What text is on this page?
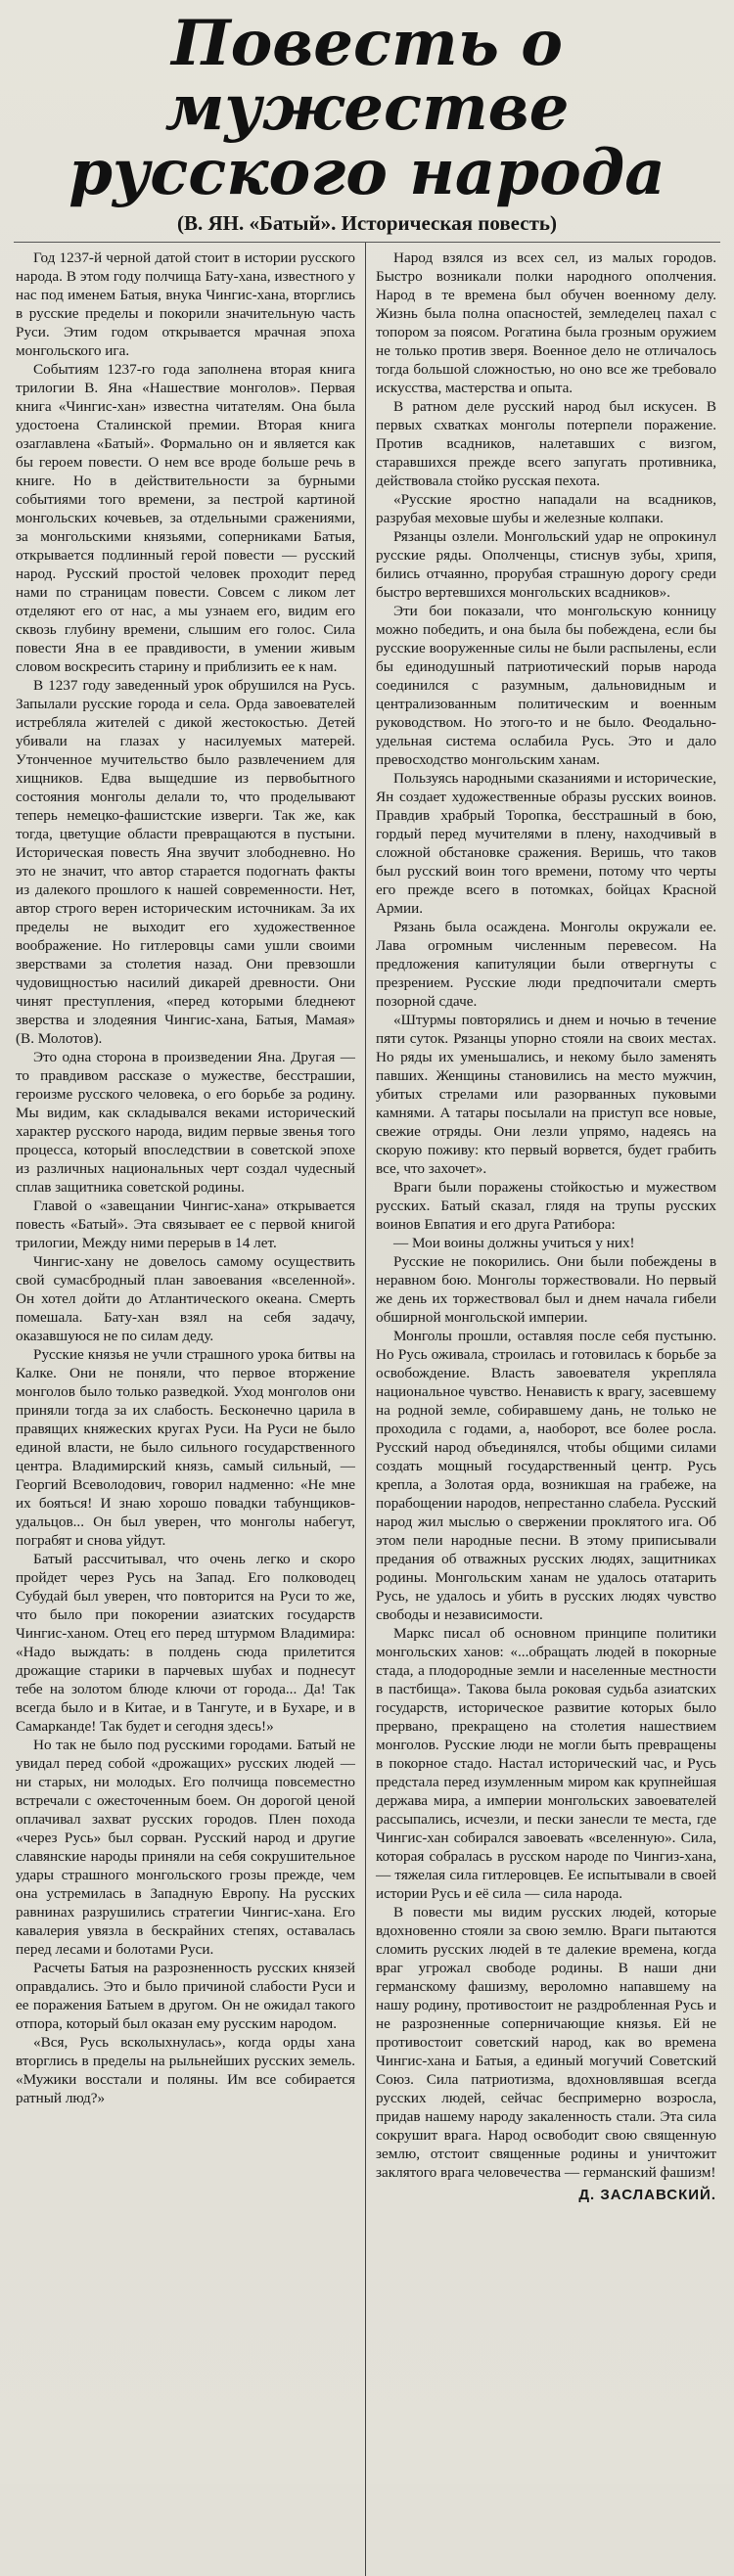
Повесть о мужестве
русского народа
(В. ЯН. «Батый». Историческая повесть)

Год 1237-й черной датой стоит в истории русского народа. В этом году полчища Бату-хана, известного у нас под именем Батыя, внука Чингис-хана, вторглись в русские пределы и покорили значительную часть Руси. Этим годом открывается мрачная эпоха монгольского ига.

Событиям 1237-го года заполнена вторая книга трилогии В. Яна «Нашествие монголов». Первая книга «Чингис-хан» известна читателям. Она была удостоена Сталинской премии. Вторая книга озаглавлена «Батый». Формально он и является как бы героем повести. О нем все вроде больше речь в книге. Но в действительности за бурными событиями того времени, за пестрой картиной монгольских кочевьев, за отдельными сражениями, за монгольскими князьями, соперниками Батыя, открывается подлинный герой повести — русский народ. Русский простой человек проходит перед нами по страницам повести. Совсем с ликом лет отделяют его от нас, а мы узнаем его, видим его сквозь глубину времени, слышим его голос. Сила повести Яна в ее правдивости, в умении живым словом воскресить старину и приблизить ее к нам.

В 1237 году заведенный урок обрушился на Русь. Запылали русские города и села. Орда завоевателей истребляла жителей с дикой жестокостью. Детей убивали на глазах у насилуемых матерей. Утонченное мучительство было развлечением для хищников. Едва выщедшие из первобытного состояния монголы делали то, что проделывают теперь немецко-фашистские изверги. Так же, как тогда, цветущие области превращаются в пустыни. Историческая повесть Яна звучит злободневно. Но это не значит, что автор старается подогнать факты из далекого прошлого к нашей современности. Нет, автор строго верен историческим источникам. За их пределы не выходит его художественное воображение. Но гитлеровцы сами ушли своими зверствами за столетия назад. Они превзошли чудовищностью насилий дикарей древности. Они чинят преступления, «перед которыми бледнеют зверства и злодеяния Чингис-хана, Батыя, Мамая» (В. Молотов).

Это одна сторона в произведении Яна. Другая — то правдивом рассказе о мужестве, бесстрашии, героизме русского человека, о его борьбе за родину. Мы видим, как складывался веками исторический характер русского народа, видим первые звенья того процесса, который впоследствии в советской эпохе из различных национальных черт создал чудесный сплав защитника советской родины.

Главой о «завещании Чингис-хана» открывается повесть «Батый». Эта связывает ее с первой книгой трилогии, Между ними перерыв в 14 лет.

Чингис-хану не довелось самому осуществить свой сумасбродный план завоевания «вселенной». Он хотел дойти до Атлантического океана. Смерть помешала. Бату-хан взял на себя задачу, оказавшуюся не по силам деду.

Русские князья не учли страшного урока битвы на Калке. Они не поняли, что первое вторжение монголов было только разведкой. Уход монголов они приняли тогда за их слабость. Бесконечно царила в правящих княжеских кругах Руси. На Руси не было единой власти, не было сильного государственного центра. Владимирский князь, самый сильный, — Георгий Всеволодович, говорил надменно: «Не мне их бояться! И знаю хорошо повадки табунщиков-удальцов... Он был уверен, что монголы набегут, пограбят и снова уйдут.

Батый рассчитывал, что очень легко и скоро пройдет через Русь на Запад. Его полководец Субудай был уверен, что повторится на Руси то же, что было при покорении азиатских государств Чингис-ханом. Отец его перед штурмом Владимира: «Надо выждать: в полдень сюда прилетится дрожащие старики в парчевых шубах и поднесут тебе на золотом блюде ключи от города... Да! Так всегда было и в Китае, и в Тангуте, и в Бухаре, и в Самарканде! Так будет и сегодня здесь!»

Но так не было под русскими городами. Батый не увидал перед собой «дрожащих» русских людей — ни старых, ни молодых. Его полчища повсеместно встречали с ожесточенным боем. Он дорогой ценой оплачивал захват русских городов. Плен похода «через Русь» был сорван. Русский народ и другие славянские народы приняли на себя сокрушительное удары страшного монгольского грозы прежде, чем она устремилась в Западную Европу. На русских равнинах разрушились стратегии Чингис-хана. Его кавалерия увязла в бескрайних степях, оставалась перед лесами и болотами Руси.

Расчеты Батыя на разрозненность русских князей оправдались. Это и было причиной слабости Руси и ее поражения Батыем в другом. Он не ожидал такого отпора, который был оказан ему русским народом.

«Вся, Русь всколыхнулась», когда орды хана вторглись в пределы на рыльнейших русских земель. «Мужики восстали и поляны. Им все собирается ратный люд?»

Народ взялся из всех сел, из малых городов. Быстро возникали полки народного ополчения. Народ в те времена был обучен военному делу. Жизнь была полна опасностей, земледелец пахал с топором за поясом. Рогатина была грозным оружием не только против зверя. Военное дело не отличалось тогда большой сложностью, но оно все же требовало искусства, мастерства и опыта.

В ратном деле русский народ был искусен. В первых схватках монголы потерпели поражение. Против всадников, налетавших с визгом, старавшихся прежде всего запугать противника, действовала стойко русская пехота.

«Русские яростно нападали на всадников, разрубая меховые шубы и железные колпаки.

Рязанцы озлели. Монгольский удар не опрокинул русские ряды. Ополченцы, стиснув зубы, хрипя, бились отчаянно, прорубая страшную дорогу среди быстро вертевшихся монгольских всадников».

Эти бои показали, что монгольскую конницу можно победить, и она была бы побеждена, если бы русские вооруженные силы не были распылены, если бы единодушный патриотический порыв народа соединился с разумным, дальновидным и централизованным политическим и военным руководством. Но этого-то и не было. Феодально-удельная система ослабила Русь. Это и дало превосходство монгольским ханам.

Пользуясь народными сказаниями и исторические, Ян создает художественные образы русских воинов. Правдив храбрый Торопка, бесстрашный в бою, гордый перед мучителями в плену, находчивый в сложной обстановке сражения. Веришь, что таков был русский воин того времени, потому что черты его прежде всего в потомках, бойцах Красной Армии.

Рязань была осаждена. Монголы окружали ее. Лава огромным численным перевесом. На предложения капитуляции были отвергнуты с презрением. Русские люди предпочитали смерть позорной сдаче.

«Штурмы повторялись и днем и ночью в течение пяти суток. Рязанцы упорно стояли на своих местах. Но ряды их уменьшались, и некому было заменять павших. Женщины становились на место мужчин, убитых стрелами или разорванных пуковыми камнями. А татары посылали на приступ все новые, свежие отряды. Они лезли упрямо, надеясь на скорую поживу: кто первый ворвется, будет грабить все, что захочет».

Враги были поражены стойкостью и мужеством русских. Батый сказал, глядя на трупы русских воинов Евпатия и его друга Ратибора:

— Мои воины должны учиться у них!

Русские не покорились. Они были побеждены в неравном бою. Монголы торжествовали. Но первый же день их торжествовал был и днем начала гибели обширной монгольской империи.

Монголы прошли, оставляя после себя пустыню. Но Русь оживала, строилась и готовилась к борьбе за освобождение. Власть завоевателя укрепляла национальное чувство. Ненависть к врагу, засевшему на родной земле, собиравшему дань, не только не проходила с годами, а, наоборот, все более росла. Русский народ объединялся, чтобы общими силами создать мощный государственный центр. Русь крепла, а Золотая орда, возникшая на грабеже, на порабощении народов, непрестанно слабела. Русский народ жил мыслью о свержении проклятого ига. Об этом пели народные песни. В этому приписывали предания об отважных русских людях, защитниках родины. Монгольским ханам не удалось отатарить Русь, не удалось и убить в русских людях чувство свободы и независимости.

Маркс писал об основном принципе политики монгольских ханов: «...обращать людей в покорные стада, а плодородные земли и населенные местности в пастбища». Такова была роковая судьба азиатских государств, историческое развитие которых было прервано, прекращено на столетия нашествием монголов. Русские люди не могли быть превращены в покорное стадо. Настал исторический час, и Русь предстала перед изумленным миром как крупнейшая держава мира, а империи монгольских завоевателей рассыпались, исчезли, и пески занесли те места, где Чингис-хан собирался завоевать «вселенную». Сила, которая собралась в русском народе по Чингиз-хана, — тяжелая сила гитлеровцев. Ее испытывали в своей истории Русь и её сила — сила народа.

В повести мы видим русских людей, которые вдохновенно стояли за свою землю. Враги пытаются сломить русских людей в те далекие времена, когда враг угрожал свободе родины. В наши дни германскому фашизму, вероломно напавшему на нашу родину, противостоит не раздробленная Русь и не разрозненные соперничающие князья. Ей не противостоит советский народ, как во времена Чингис-хана и Батыя, а единый могучий Советский Союз. Сила патриотизма, вдохновлявшая всегда русских людей, сейчас беспримерно возросла, придав нашему народу закаленность стали. Эта сила сокрушит врага. Народ освободит свою священную землю, отстоит священные родины и уничтожит заклятого врага человечества — германский фашизм!

Д. ЗАСЛАВСКИЙ.
